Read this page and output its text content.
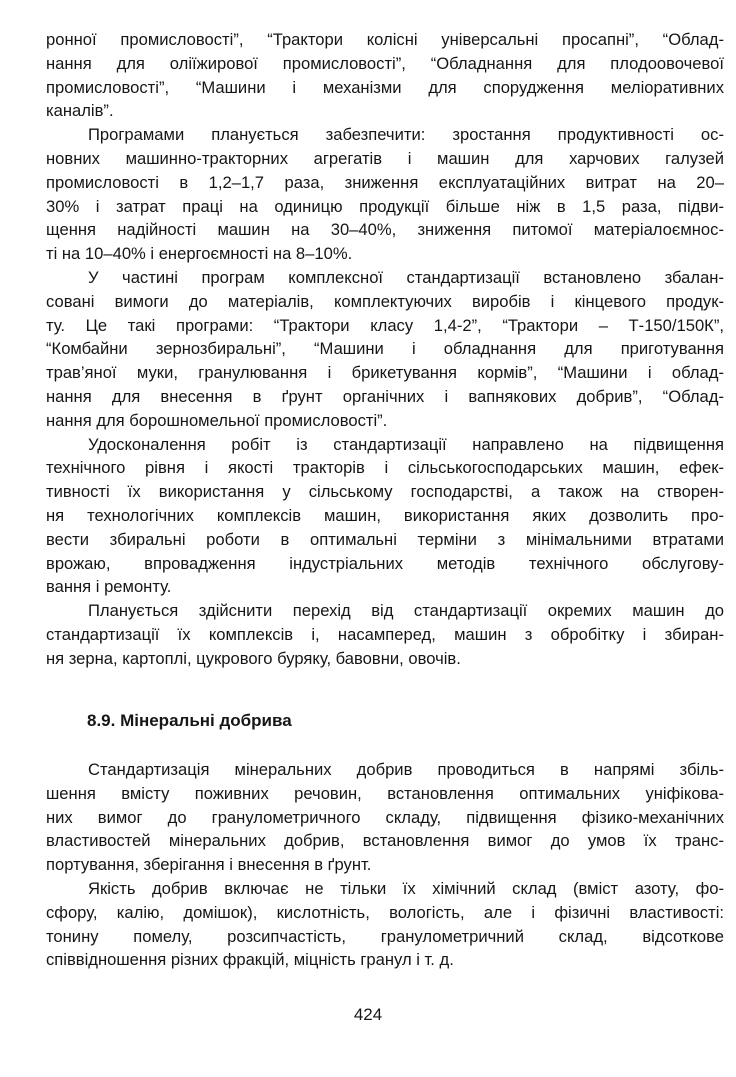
ронної промисловості”, “Трактори колісні універсальні просапні”, “Облад-
нання для оліїжирової промисловості”, “Обладнання для плодоовочевої
промисловості”, “Машини і механізми для спорудження меліоративних
каналів”.
Програмами планується забезпечити: зростання продуктивності ос-
новних машинно-тракторних агрегатів і машин для харчових галузей
промисловості в 1,2–1,7 раза, зниження експлуатаційних витрат на 20–
30% і затрат праці на одиницю продукції більше ніж в 1,5 раза, підви-
щення надійності машин на 30–40%, зниження питомої матеріалоємнос-
ті на 10–40% і енергоємності на 8–10%.
У частині програм комплексної стандартизації встановлено збалан-
совані вимоги до матеріалів, комплектуючих виробів і кінцевого продук-
ту. Це такі програми: “Трактори класу 1,4-2”, “Трактори – Т-150/150К”,
“Комбайни зернозбиральні”, “Машини і обладнання для приготування
трав’яної муки, гранулювання і брикетування кормів”, “Машини і облад-
нання для внесення в ґрунт органічних і вапнякових добрив”, “Облад-
нання для борошномельної промисловості”.
Удосконалення робіт із стандартизації направлено на підвищення
технічного рівня і якості тракторів і сільськогосподарських машин, ефек-
тивності їх використання у сільському господарстві, а також на створен-
ня технологічних комплексів машин, використання яких дозволить про-
вести збиральні роботи в оптимальні терміни з мінімальними втратами
врожаю, впровадження індустріальних методів технічного обслугову-
вання і ремонту.
Планується здійснити перехід від стандартизації окремих машин до
стандартизації їх комплексів і, насамперед, машин з обробітку і збиран-
ня зерна, картоплі, цукрового буряку, бавовни, овочів.
8.9. Мінеральні добрива
Стандартизація мінеральних добрив проводиться в напрямі збіль-
шення вмісту поживних речовин, встановлення оптимальних уніфікова-
них вимог до гранулометричного складу, підвищення фізико-механічних
властивостей мінеральних добрив, встановлення вимог до умов їх транс-
портування, зберігання і внесення в ґрунт.
Якість добрив включає не тільки їх хімічний склад (вміст азоту, фо-
сфору, калію, домішок), кислотність, вологість, але і фізичні властивості:
тонину помелу, розсипчастість, гранулометричний склад, відсоткове
співвідношення різних фракцій, міцність гранул і т. д.
424
